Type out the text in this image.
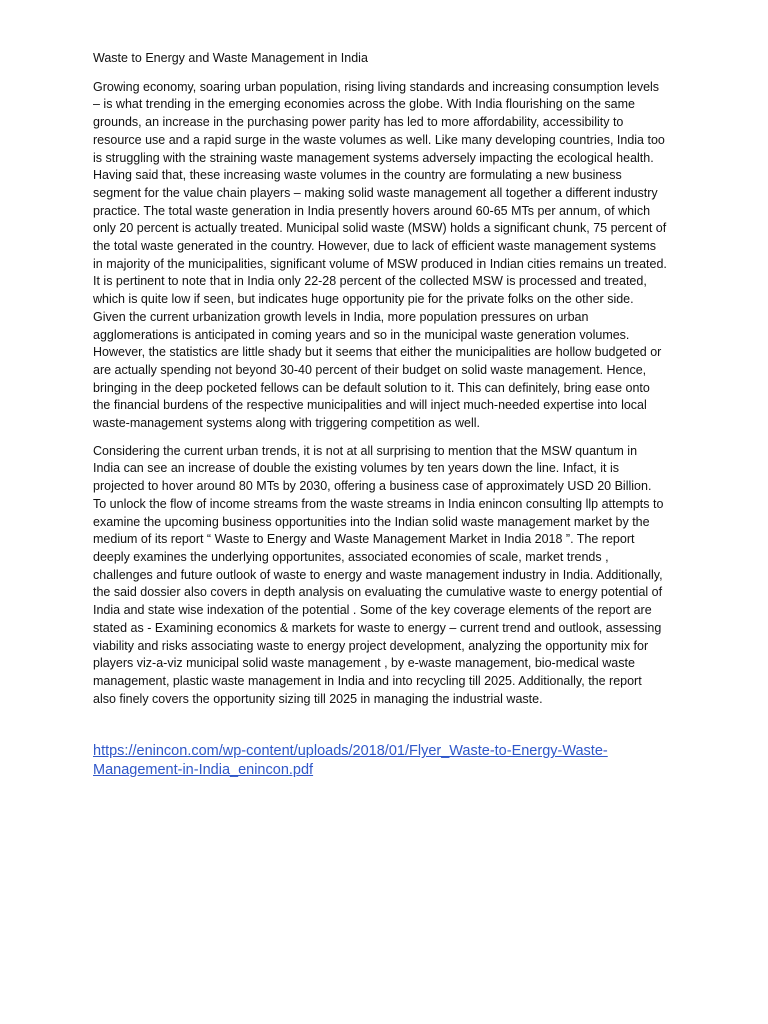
Waste to Energy and Waste Management in India

Growing economy, soaring urban population, rising living standards and increasing consumption levels – is what trending in the emerging economies across the globe. With India flourishing on the same grounds, an increase in the purchasing power parity has led to more affordability, accessibility to resource use and a rapid surge in the waste volumes as well. Like many developing countries, India too is struggling with the straining waste management systems adversely impacting the ecological health. Having said that, these increasing waste volumes in the country are formulating a new business segment for the value chain players – making solid waste management all together a different industry practice. The total waste generation in India presently hovers around 60-65 MTs per annum, of which only 20 percent is actually treated. Municipal solid waste (MSW) holds a significant chunk, 75 percent of the total waste generated in the country. However, due to lack of efficient waste management systems in majority of the municipalities, significant volume of MSW produced in Indian cities remains un treated. It is pertinent to note that in India only 22-28 percent of the collected MSW is processed and treated, which is quite low if seen, but indicates huge opportunity pie for the private folks on the other side. Given the current urbanization growth levels in India, more population pressures on urban agglomerations is anticipated in coming years and so in the municipal waste generation volumes. However, the statistics are little shady but it seems that either the municipalities are hollow budgeted or are actually spending not beyond 30-40 percent of their budget on solid waste management. Hence, bringing in the deep pocketed fellows can be default solution to it. This can definitely, bring ease onto the financial burdens of the respective municipalities and will inject much-needed expertise into local waste-management systems along with triggering competition as well.

Considering the current urban trends, it is not at all surprising to mention that the MSW quantum in India can see an increase of double the existing volumes by ten years down the line. Infact, it is projected to hover around 80 MTs by 2030, offering a business case of approximately USD 20 Billion. To unlock the flow of income streams from the waste streams in India enincon consulting llp attempts to examine the upcoming business opportunities into the Indian solid waste management market by the medium of its report “ Waste to Energy and Waste Management Market in India 2018 ”. The report deeply examines the underlying opportunites, associated economies of scale, market trends , challenges and future outlook of waste to energy and waste management industry in India. Additionally, the said dossier also covers in depth analysis on evaluating the cumulative waste to energy potential of India and state wise indexation of the potential . Some of the key coverage elements of the report are stated as - Examining economics & markets for waste to energy – current trend and outlook, assessing viability and risks associating waste to energy project development, analyzing the opportunity mix for players viz-a-viz municipal solid waste management , by e-waste management, bio-medical waste management, plastic waste management in India and into recycling till 2025. Additionally, the report also finely covers the opportunity sizing till 2025 in managing the industrial waste.

https://enincon.com/wp-content/uploads/2018/01/Flyer_Waste-to-Energy-Waste-Management-in-India_enincon.pdf
